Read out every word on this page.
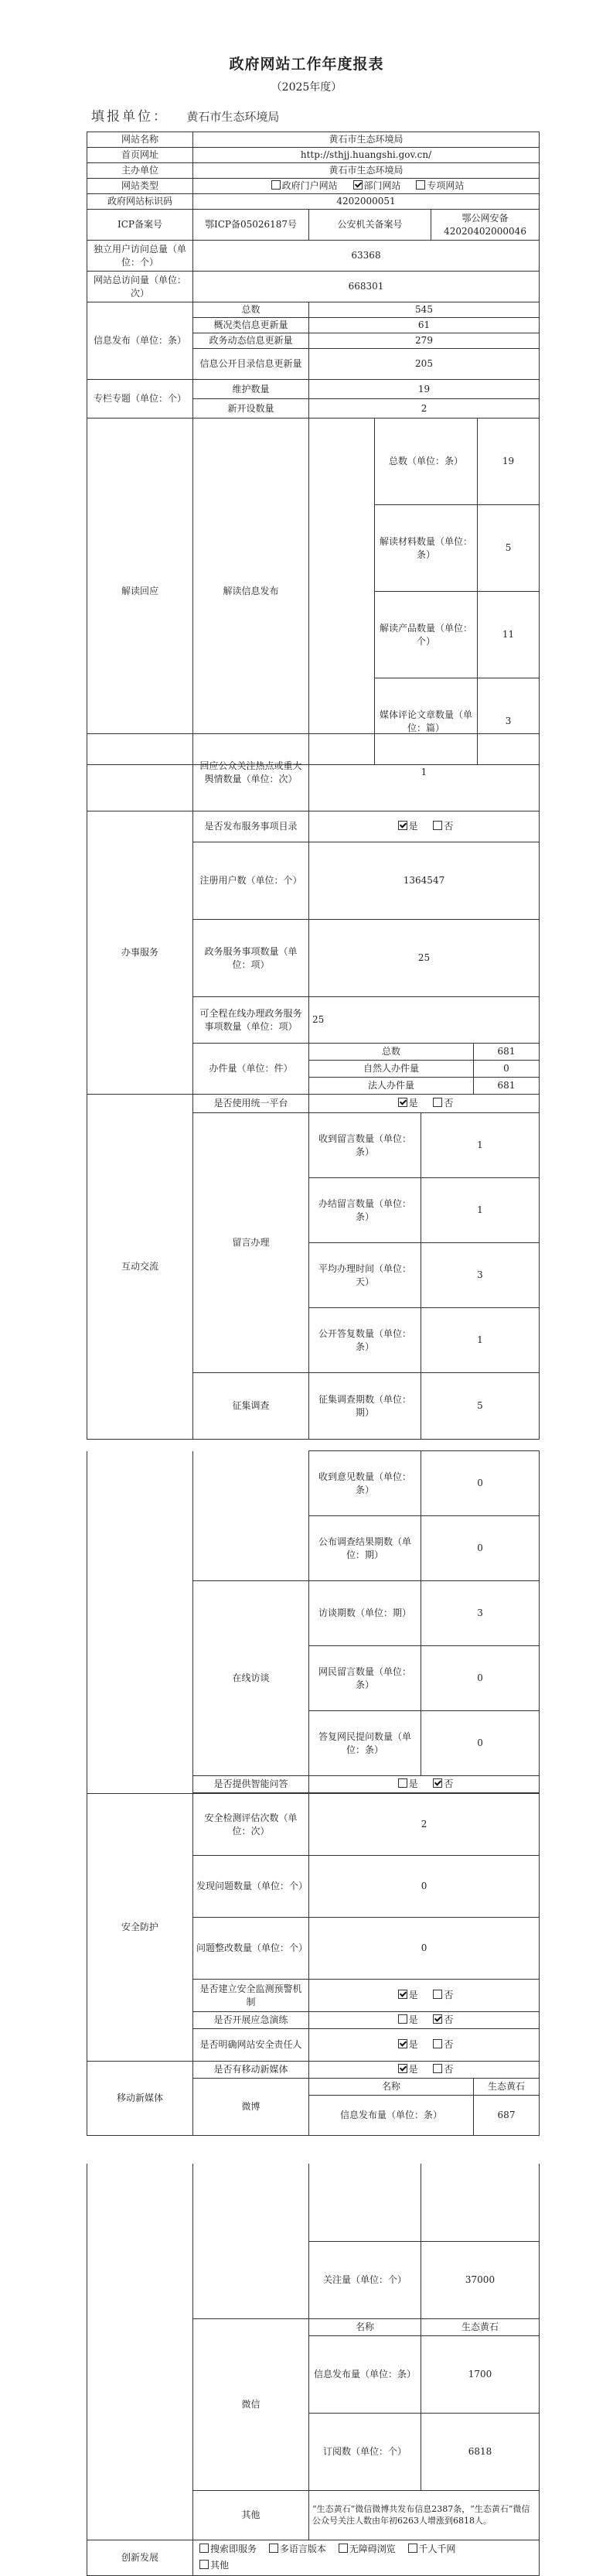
政府网站工作年度报表
（2025年度）
填报单位： 黄石市生态环境局
网站名称	黄石市生态环境局				
首页网址	http://sthjj.huangshi.gov.cn/				
主办单位	黄石市生态环境局				
网站类型	政府门户网站 部门网站 专项网站				
政府网站标识码	4202000051				
ICP备案号	鄂ICP备05026187号	公安机关备案号		鄂公网安备42020402000046	
独立用户访问总量（单位：个）	63368				
网站总访问量（单位：次）	668301				
信息发布（单位：条）	总数	545			
	概况类信息更新量	61			
	政务动态信息更新量	279			
	信息公开目录信息更新量	205			
专栏专题（单位：个）	维护数量	19			
	新开设数量	2			
解读回应	解读信息发布		总数（单位：条）		19
			解读材料数量（单位：条）		5
			解读产品数量（单位：个）		11
			媒体评论文章数量（单位：篇）		3
	回应公众关注热点或重大舆情数量（单位：次）	1		
办事服务	是否发布服务事项目录	是 否		
	注册用户数（单位：个）	1364547		
	政务服务事项数量（单位：项）	25		
	可全程在线办理政务服务事项数量（单位：项）	25		
	办件量（单位：件）	总数		681
		自然人办件量		0
		法人办件量		681
互动交流	是否使用统一平台	是 否		
	留言办理	收到留言数量（单位：条）	1	
		办结留言数量（单位：条）	1	
		平均办理时间（单位：天）	3	
		公开答复数量（单位：条）	1	
	征集调查	征集调查期数（单位：期）	5	
		收到意见数量（单位：条）	0	
		公布调查结果期数（单位：期）	0	
	在线访谈	访谈期数（单位：期）	3	
		网民留言数量（单位：条）	0	
		答复网民提问数量（单位：条）	0	
	是否提供智能问答	是 否		

安全防护	安全检测评估次数（单位：次）	2		
	发现问题数量（单位：个）	0		
	问题整改数量（单位：个）	0		
	是否建立安全监测预警机制	是 否		
	是否开展应急演练	是 否		
	是否明确网站安全责任人	是 否		
移动新媒体	是否有移动新媒体	是 否		
	微博	名称		生态黄石
		信息发布量（单位：条）		687

		关注量（单位：个）	37000
	微信	名称	生态黄石
		信息发布量（单位：条）	1700
		订阅数（单位：个）	6818
	其他	“生态黄石”微信微博共发布信息2387条，“生态黄石”微信公众号关注人数由年初6263人增涨到6818人。	
创新发展	搜索即服务 多语言版本 无障碍浏览 千人千网
其他		
